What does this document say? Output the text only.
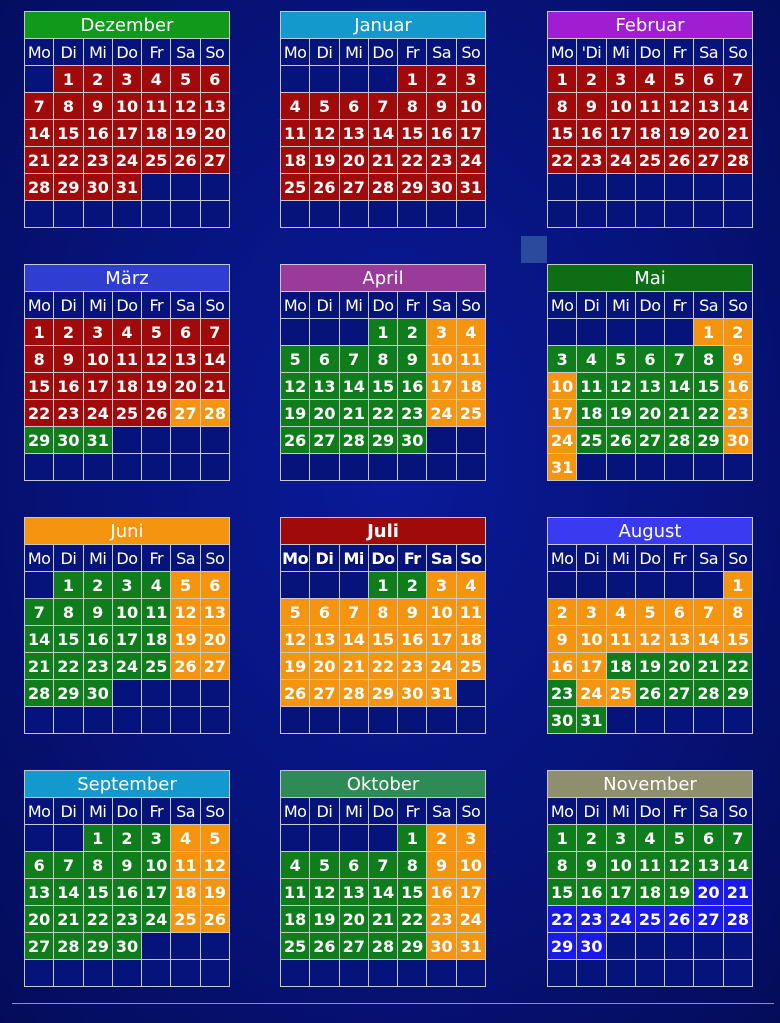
Dezember
Mo	Di	Mi	Do	Fr	Sa	So
	1	2	3	4	5	6
7	8	9	10	11	12	13
14	15	16	17	18	19	20
21	22	23	24	25	26	27
28	29	30	31			

Januar
Mo	Di	Mi	Do	Fr	Sa	So
				1	2	3
4	5	6	7	8	9	10
11	12	13	14	15	16	17
18	19	20	21	22	23	24
25	26	27	28	29	30	31

Februar
Mo	'Di	Mi	Do	Fr	Sa	So
1	2	3	4	5	6	7
8	9	10	11	12	13	14
15	16	17	18	19	20	21
22	23	24	25	26	27	28

März
Mo	Di	Mi	Do	Fr	Sa	So
1	2	3	4	5	6	7
8	9	10	11	12	13	14
15	16	17	18	19	20	21
22	23	24	25	26	27	28
29	30	31				

April
Mo	Di	Mi	Do	Fr	Sa	So
			1	2	3	4
5	6	7	8	9	10	11
12	13	14	15	16	17	18
19	20	21	22	23	24	25
26	27	28	29	30		

Mai
Mo	Di	Mi	Do	Fr	Sa	So
					1	2
3	4	5	6	7	8	9
10	11	12	13	14	15	16
17	18	19	20	21	22	23
24	25	26	27	28	29	30
31						
Juni
Mo	Di	Mi	Do	Fr	Sa	So
	1	2	3	4	5	6
7	8	9	10	11	12	13
14	15	16	17	18	19	20
21	22	23	24	25	26	27
28	29	30				

Juli
Mo	Di	Mi	Do	Fr	Sa	So
			1	2	3	4
5	6	7	8	9	10	11
12	13	14	15	16	17	18
19	20	21	22	23	24	25
26	27	28	29	30	31	

August
Mo	Di	Mi	Do	Fr	Sa	So
						1
2	3	4	5	6	7	8
9	10	11	12	13	14	15
16	17	18	19	20	21	22
23	24	25	26	27	28	29
30	31					
September
Mo	Di	Mi	Do	Fr	Sa	So
		1	2	3	4	5
6	7	8	9	10	11	12
13	14	15	16	17	18	19
20	21	22	23	24	25	26
27	28	29	30			

Oktober
Mo	Di	Mi	Do	Fr	Sa	So
				1	2	3
4	5	6	7	8	9	10
11	12	13	14	15	16	17
18	19	20	21	22	23	24
25	26	27	28	29	30	31

November
Mo	Di	Mi	Do	Fr	Sa	So
1	2	3	4	5	6	7
8	9	10	11	12	13	14
15	16	17	18	19	20	21
22	23	24	25	26	27	28
29	30					
